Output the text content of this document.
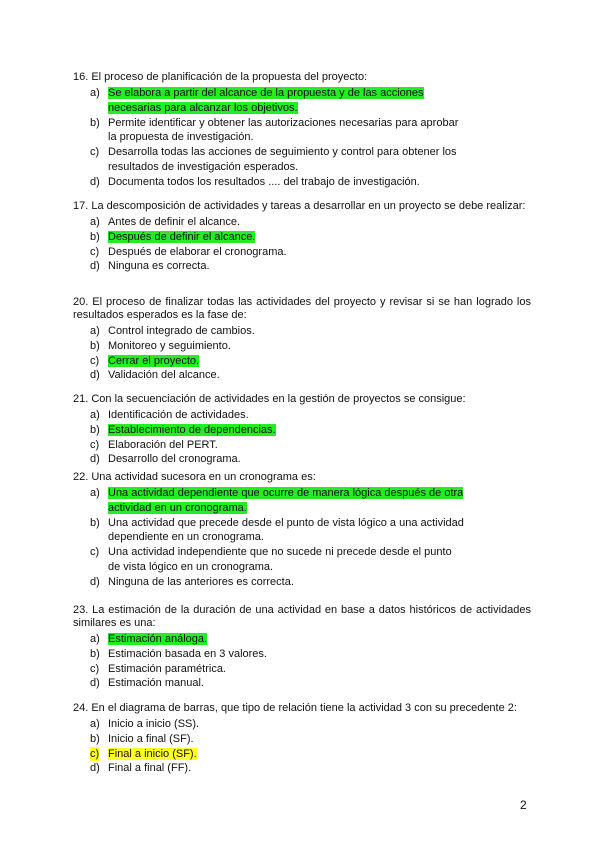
16. El proceso de planificación de la propuesta del proyecto:

a) Se elabora a partir del alcance de la propuesta y de las acciones
necesarias para alcanzar los objetivos.
b) Permite identificar y obtener las autorizaciones necesarias para aprobar
la propuesta de investigación.
c) Desarrolla todas las acciones de seguimiento y control para obtener los
resultados de investigación esperados.
d) Documenta todos los resultados .... del trabajo de investigación.

17. La descomposición de actividades y tareas a desarrollar en un proyecto se debe realizar:

a) Antes de definir el alcance.
b) Después de definir el alcance.
c) Después de elaborar el cronograma.
d) Ninguna es correcta.

20. El proceso de finalizar todas las actividades del proyecto y revisar si se han logrado los resultados esperados es la fase de:

a) Control integrado de cambios.
b) Monitoreo y seguimiento.
c) Cerrar el proyecto.
d) Validación del alcance.

21. Con la secuenciación de actividades en la gestión de proyectos se consigue:

a) Identificación de actividades.
b) Establecimiento de dependencias.
c) Elaboración del PERT.
d) Desarrollo del cronograma.

22. Una actividad sucesora en un cronograma es:

a) Una actividad dependiente que ocurre de manera lógica después de otra
actividad en un cronograma.
b) Una actividad que precede desde el punto de vista lógico a una actividad
dependiente en un cronograma.
c) Una actividad independiente que no sucede ni precede desde el punto
de vista lógico en un cronograma.
d) Ninguna de las anteriores es correcta.

23. La estimación de la duración de una actividad en base a datos históricos de actividades similares es una:

a) Estimación análoga.
b) Estimación basada en 3 valores.
c) Estimación paramétrica.
d) Estimación manual.

24. En el diagrama de barras, que tipo de relación tiene la actividad 3 con su precedente 2:

a) Inicio a inicio (SS).
b) Inicio a final (SF).
c) Final a inicio (SF).
d) Final a final (FF).
2
